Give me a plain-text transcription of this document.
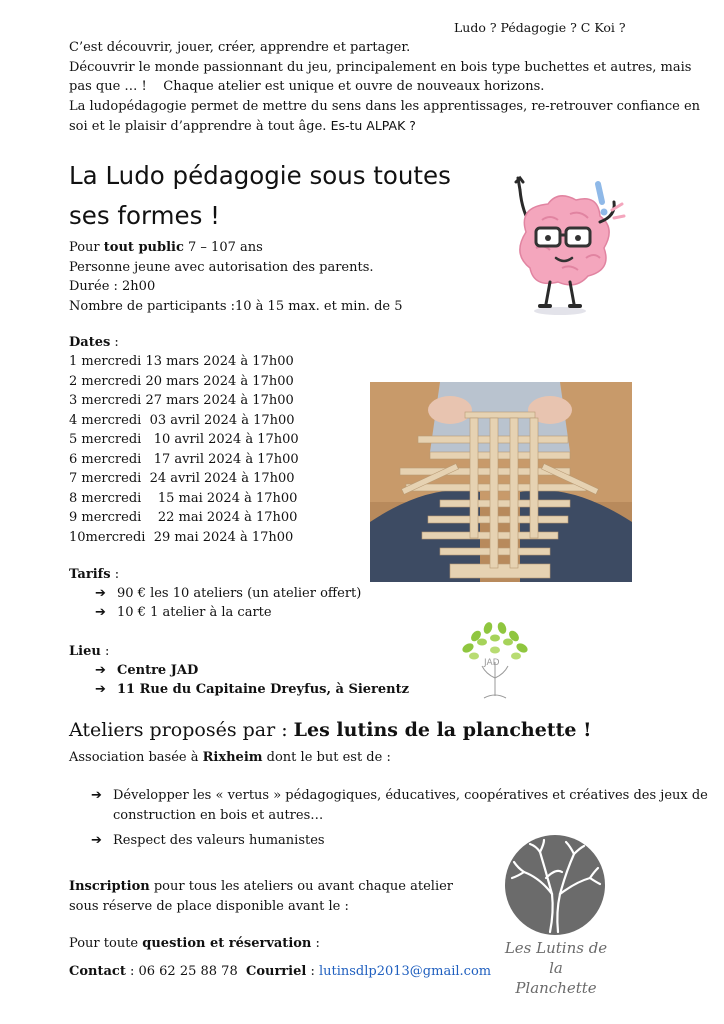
Ludo ? Pédagogie ? C Koi ?
C’est découvrir, jouer, créer, apprendre et partager.
Découvrir le monde passionnant du jeu, principalement en bois type buchettes et autres, mais
pas que … !    Chaque atelier est unique et ouvre de nouveaux horizons.
La ludopédagogie permet de mettre du sens dans les apprentissages, re-retrouver confiance en
soi et le plaisir d’apprendre à tout âge. Es-tu ALPAK ?
La Ludo pédagogie sous toutes
ses formes !
Pour tout public 7 – 107 ans
Personne jeune avec autorisation des parents.
Durée : 2h00
Nombre de participants :10 à 15 max. et min. de 5
Dates :
1 mercredi 13 mars 2024 à 17h00
2 mercredi 20 mars 2024 à 17h00
3 mercredi 27 mars 2024 à 17h00
4 mercredi  03 avril 2024 à 17h00
5 mercredi   10 avril 2024 à 17h00
6 mercredi   17 avril 2024 à 17h00
7 mercredi  24 avril 2024 à 17h00
8 mercredi    15 mai 2024 à 17h00
9 mercredi    22 mai 2024 à 17h00
10mercredi  29 mai 2024 à 17h00
Tarifs :
➔ 90 € les 10 ateliers (un atelier offert)
➔ 10 € 1 atelier à la carte
Lieu :
➔ Centre JAD
➔ 11 Rue du Capitaine Dreyfus, à Sierentz
JAD
Ateliers proposés par : Les lutins de la planchette !
Association basée à Rixheim dont le but est de :
➔ Développer les « vertus » pédagogiques, éducatives, coopératives et créatives des jeux de
construction en bois et autres…
➔ Respect des valeurs humanistes
Inscription pour tous les ateliers ou avant chaque atelier
sous réserve de place disponible avant le :
Pour toute question et réservation :
Contact : 06 62 25 88 78  Courriel : lutinsdlp2013@gmail.com
Les Lutins de la
Planchette
